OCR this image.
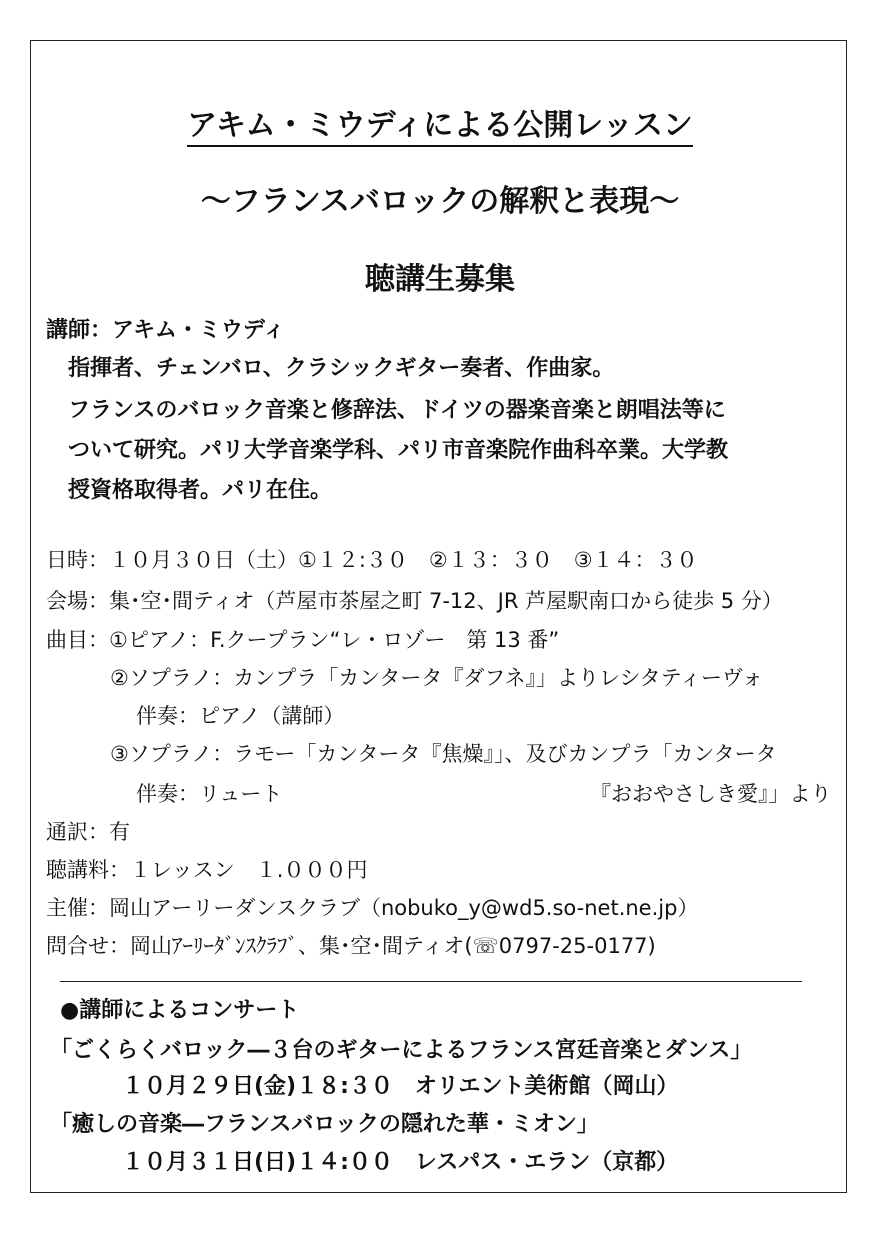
アキム・ミウディによる公開レッスン
～フランスバロックの解釈と表現～
聴講生募集
講師：アキム・ミウディ
指揮者、チェンバロ、クラシックギター奏者、作曲家。
フランスのバロック音楽と修辞法、ドイツの器楽音楽と朗唱法等に
ついて研究。パリ大学音楽学科、パリ市音楽院作曲科卒業。大学教
授資格取得者。パリ在住。
日時：１０月３０日（土）①１２:３０　②１３：３０　③１４：３０
会場：集･空･間ティオ（芦屋市茶屋之町 7-12、JR 芦屋駅南口から徒歩 5 分）
曲目：①ピアノ：F.クープラン“レ・ロゾー　第 13 番”
②ソプラノ：カンプラ「カンタータ『ダフネ』」よりレシタティーヴォ
伴奏：ピアノ（講師）
③ソプラノ：ラモー「カンタータ『焦燥』」、及びカンプラ「カンタータ
伴奏：リュート	『おおやさしき愛』」より
通訳：有
聴講料：１レッスン　１.０００円
主催：岡山アーリーダンスクラブ（nobuko_y@wd5.so-net.ne.jp）
問合せ：岡山ｱｰﾘｰﾀﾞﾝｽｸﾗﾌﾞ、集･空･間ティオ(☏0797-25-0177)
●講師によるコンサート
「ごくらくバロック―３台のギターによるフランス宮廷音楽とダンス」
１０月２９日(金)１８:３０　オリエント美術館（岡山）
「癒しの音楽―フランスバロックの隠れた華・ミオン」
１０月３１日(日)１４:００　レスパス・エラン（京都）
